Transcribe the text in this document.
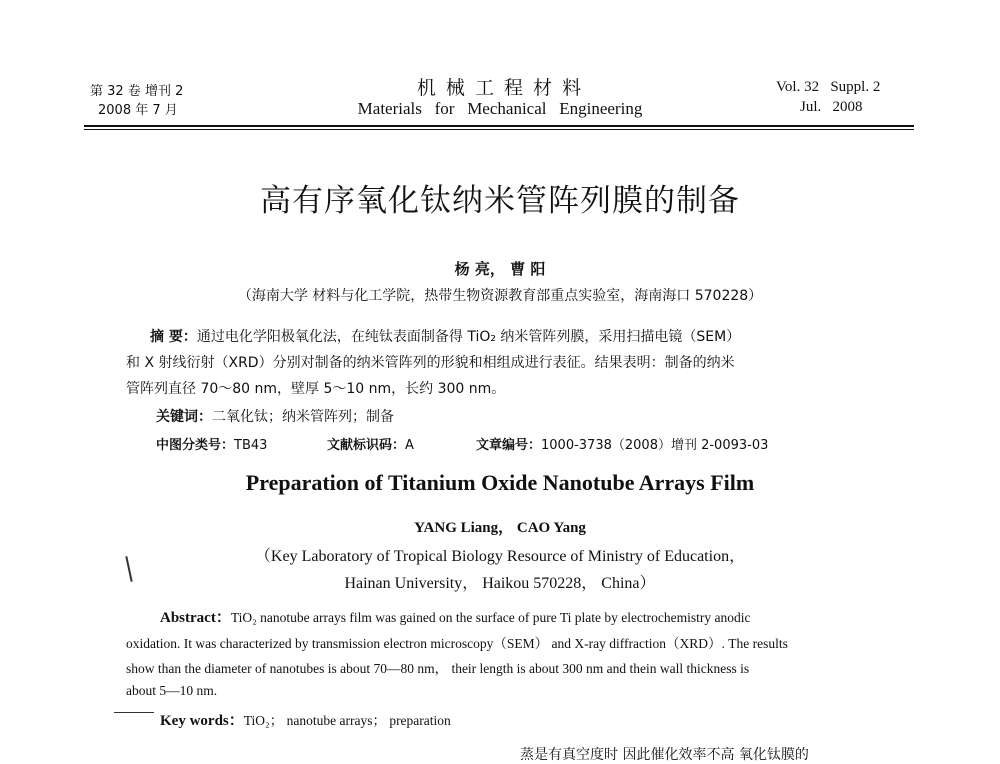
第 32 卷 增刊 2
2008 年 7 月
机 械 工 程 材 料
Materials   for   Mechanical   Engineering
Vol. 32   Suppl. 2
Jul.   2008
高有序氧化钛纳米管阵列膜的制备
杨 亮， 曹 阳
（海南大学 材料与化工学院，热带生物资源教育部重点实验室，海南海口 570228）
摘 要：通过电化学阳极氧化法，在纯钛表面制备得 TiO₂ 纳米管阵列膜，采用扫描电镜（SEM）
和 X 射线衍射（XRD）分别对制备的纳米管阵列的形貌和相组成进行表征。结果表明：制备的纳米
管阵列直径 70～80 nm，壁厚 5～10 nm，长约 300 nm。
关键词：二氧化钛；纳米管阵列；制备
中图分类号：TB43	文献标识码：A	文章编号：1000-3738（2008）增刊 2-0093-03
Preparation of Titanium Oxide Nanotube Arrays Film
YANG Liang， CAO Yang
（Key Laboratory of Tropical Biology Resource of Ministry of Education，
Hainan University， Haikou 570228， China）
Abstract：TiO₂ nanotube arrays film was gained on the surface of pure Ti plate by electrochemistry anodic
oxidation. It was characterized by transmission electron microscopy（SEM） and X-ray diffraction（XRD）. The results
show than the diameter of nanotubes is about 70—80 nm， their length is about 300 nm and thein wall thickness is
about 5—10 nm.
Key words：TiO₂； nanotube arrays； preparation
蒸是有真空度时 因此催化效率不高 氧化钛膜的
